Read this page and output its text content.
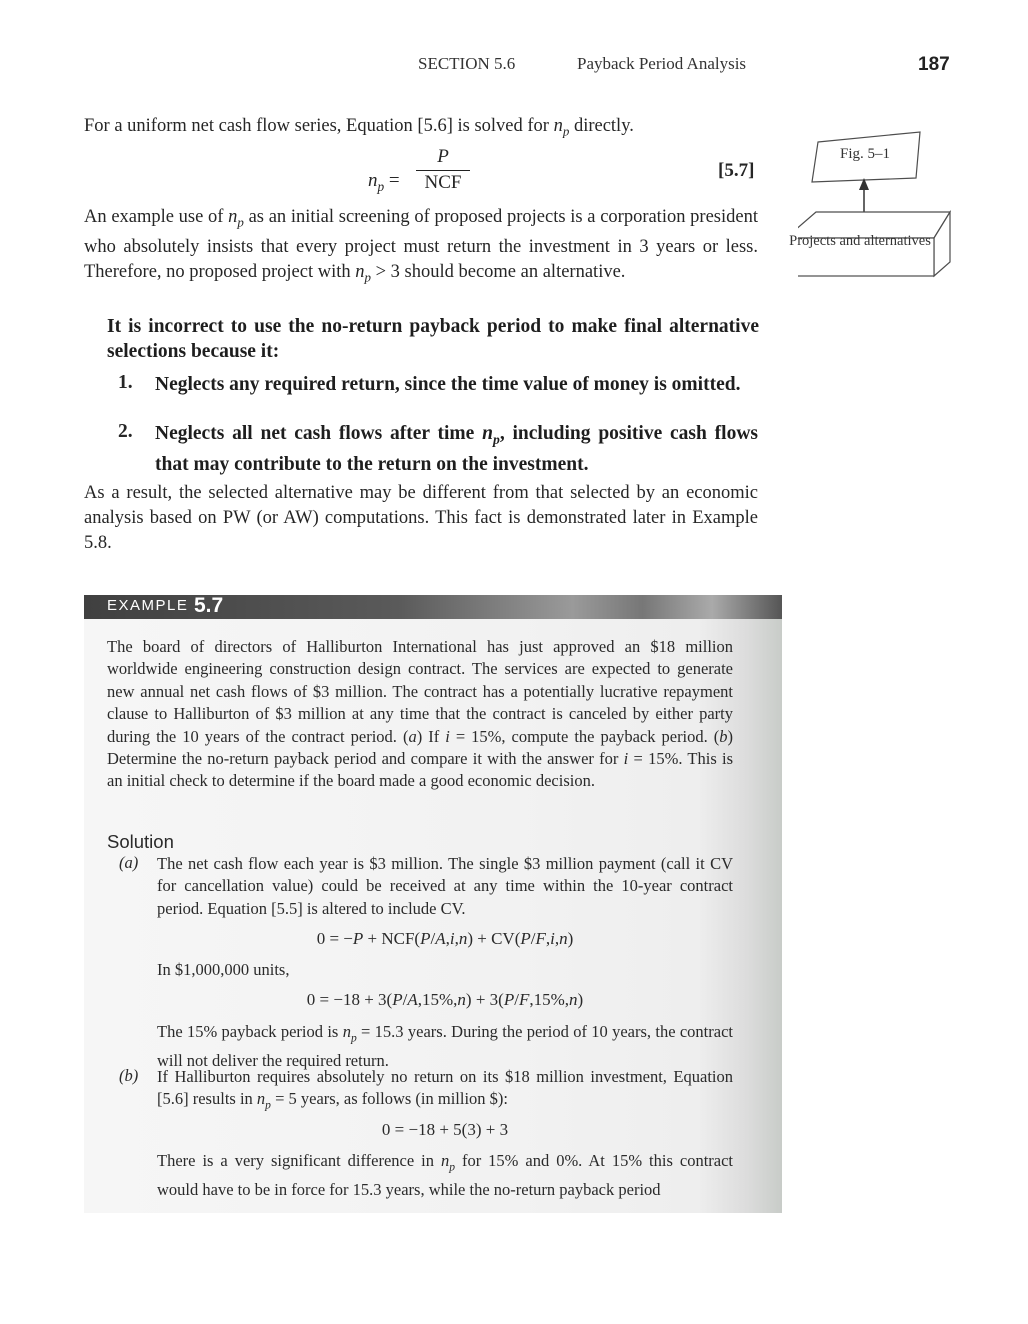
SECTION 5.6	Payback Period Analysis	187
For a uniform net cash flow series, Equation [5.6] is solved for $n_p$ directly.
$n_p$ =
P
NCF
[5.7]
An example use of $n_p$ as an initial screening of proposed projects is a corporation president who absolutely insists that every project must return the investment in 3 years or less. Therefore, no proposed project with $n_p > 3$ should become an alternative.
Fig. 5–1
Projects and alternatives
It is incorrect to use the no-return payback period to make final alternative selections because it:
1. Neglects any required return, since the time value of money is omitted.
2. Neglects all net cash flows after time $n_p$, including positive cash flows that may contribute to the return on the investment.
As a result, the selected alternative may be different from that selected by an economic analysis based on PW (or AW) computations. This fact is demonstrated later in Example 5.8.
EXAMPLE 5.7
The board of directors of Halliburton International has just approved an $18 million worldwide engineering construction design contract. The services are expected to generate new annual net cash flows of $3 million. The contract has a potentially lucrative repayment clause to Halliburton of $3 million at any time that the contract is canceled by either party during the 10 years of the contract period. (a) If i = 15%, compute the payback period. (b) Determine the no-return payback period and compare it with the answer for i = 15%. This is an initial check to determine if the board made a good economic decision.
Solution
(a) The net cash flow each year is $3 million. The single $3 million payment (call it CV for cancellation value) could be received at any time within the 10-year contract period. Equation [5.5] is altered to include CV.
0 = −P + NCF(P/A,i,n) + CV(P/F,i,n)
In $1,000,000 units,
0 = −18 + 3(P/A,15%,n) + 3(P/F,15%,n)
The 15% payback period is $n_p = 15.3$ years. During the period of 10 years, the contract will not deliver the required return.
(b) If Halliburton requires absolutely no return on its $18 million investment, Equation [5.6] results in $n_p = 5$ years, as follows (in million $):
0 = −18 + 5(3) + 3
There is a very significant difference in $n_p$ for 15% and 0%. At 15% this contract would have to be in force for 15.3 years, while the no-return payback period
